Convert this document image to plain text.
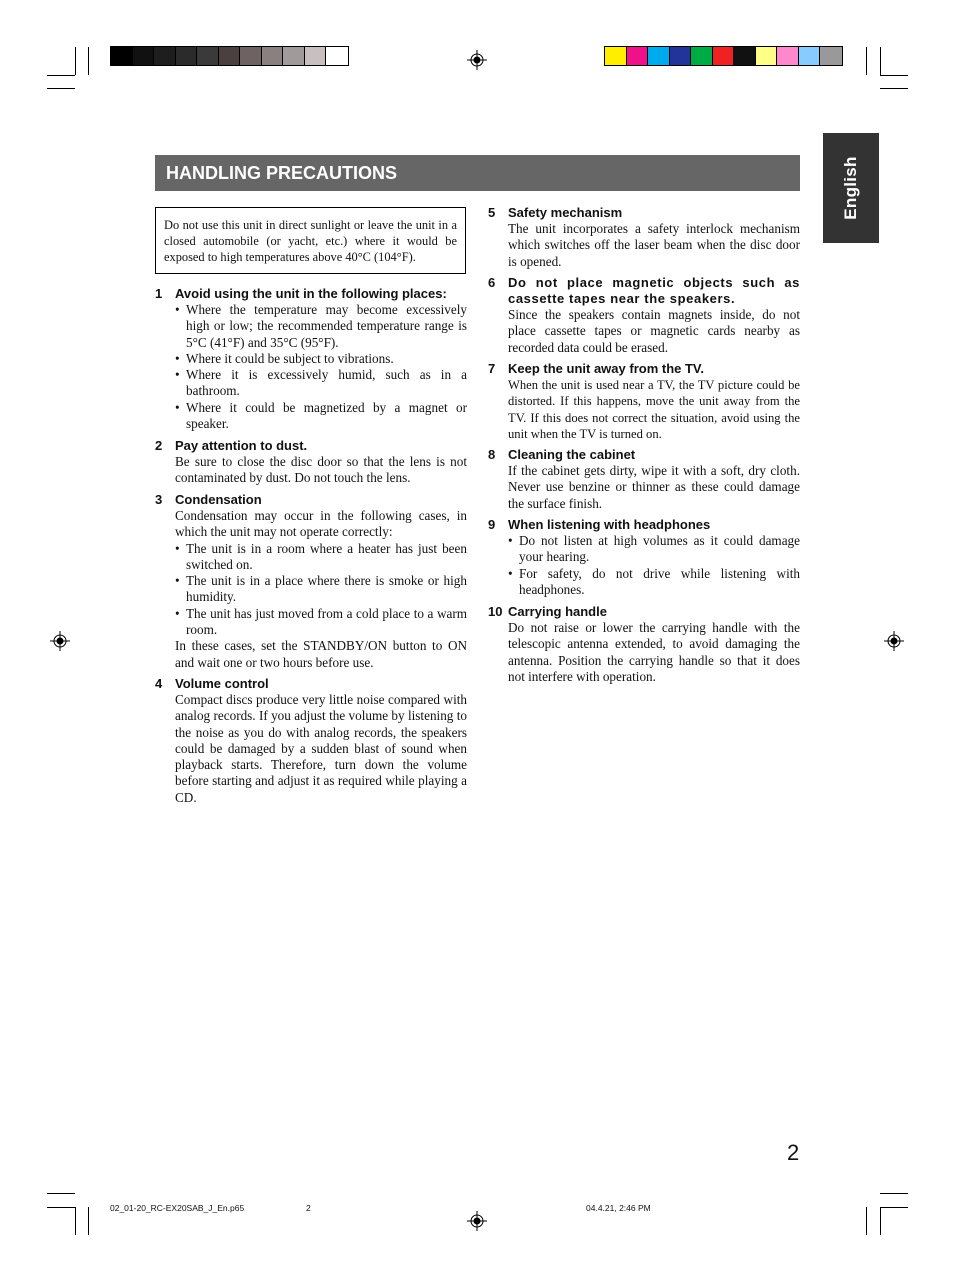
HANDLING PRECAUTIONS	English
Do not use this unit in direct sunlight or leave the unit in a closed automobile (or yacht, etc.) where it would be exposed to high temperatures above 40°C (104°F).
1 Avoid using the unit in the following places:

• Where the temperature may become excessively high or low; the recommended temperature range is 5°C (41°F) and 35°C (95°F).

• Where it could be subject to vibrations.

• Where it is excessively humid, such as in a bathroom.

• Where it could be magnetized by a magnet or speaker.

2 Pay attention to dust.

Be sure to close the disc door so that the lens is not contaminated by dust. Do not touch the lens.

3 Condensation

Condensation may occur in the following cases, in which the unit may not operate correctly:

• The unit is in a room where a heater has just been switched on.

• The unit is in a place where there is smoke or high humidity.

• The unit has just moved from a cold place to a warm room.

In these cases, set the STANDBY/ON button to ON and wait one or two hours before use.

4 Volume control

Compact discs produce very little noise compared with analog records. If you adjust the volume by listening to the noise as you do with analog records, the speakers could be damaged by a sudden blast of sound when playback starts. Therefore, turn down the volume before starting and adjust it as required while playing a CD.

5 Safety mechanism

The unit incorporates a safety interlock mechanism which switches off the laser beam when the disc door is opened.

6 Do not place magnetic objects such as cassette tapes near the speakers.

Since the speakers contain magnets inside, do not place cassette tapes or magnetic cards nearby as recorded data could be erased.

7 Keep the unit away from the TV.

When the unit is used near a TV, the TV picture could be distorted. If this happens, move the unit away from the TV. If this does not correct the situation, avoid using the unit when the TV is turned on.

8 Cleaning the cabinet

If the cabinet gets dirty, wipe it with a soft, dry cloth. Never use benzine or thinner as these could damage the surface finish.

9 When listening with headphones

• Do not listen at high volumes as it could damage your hearing.

• For safety, do not drive while listening with headphones.

10 Carrying handle

Do not raise or lower the carrying handle with the telescopic antenna extended, to avoid damaging the antenna. Position the carrying handle so that it does not interfere with operation.

2
02_01-20_RC-EX20SAB_J_En.p65	2	04.4.21, 2:46 PM
